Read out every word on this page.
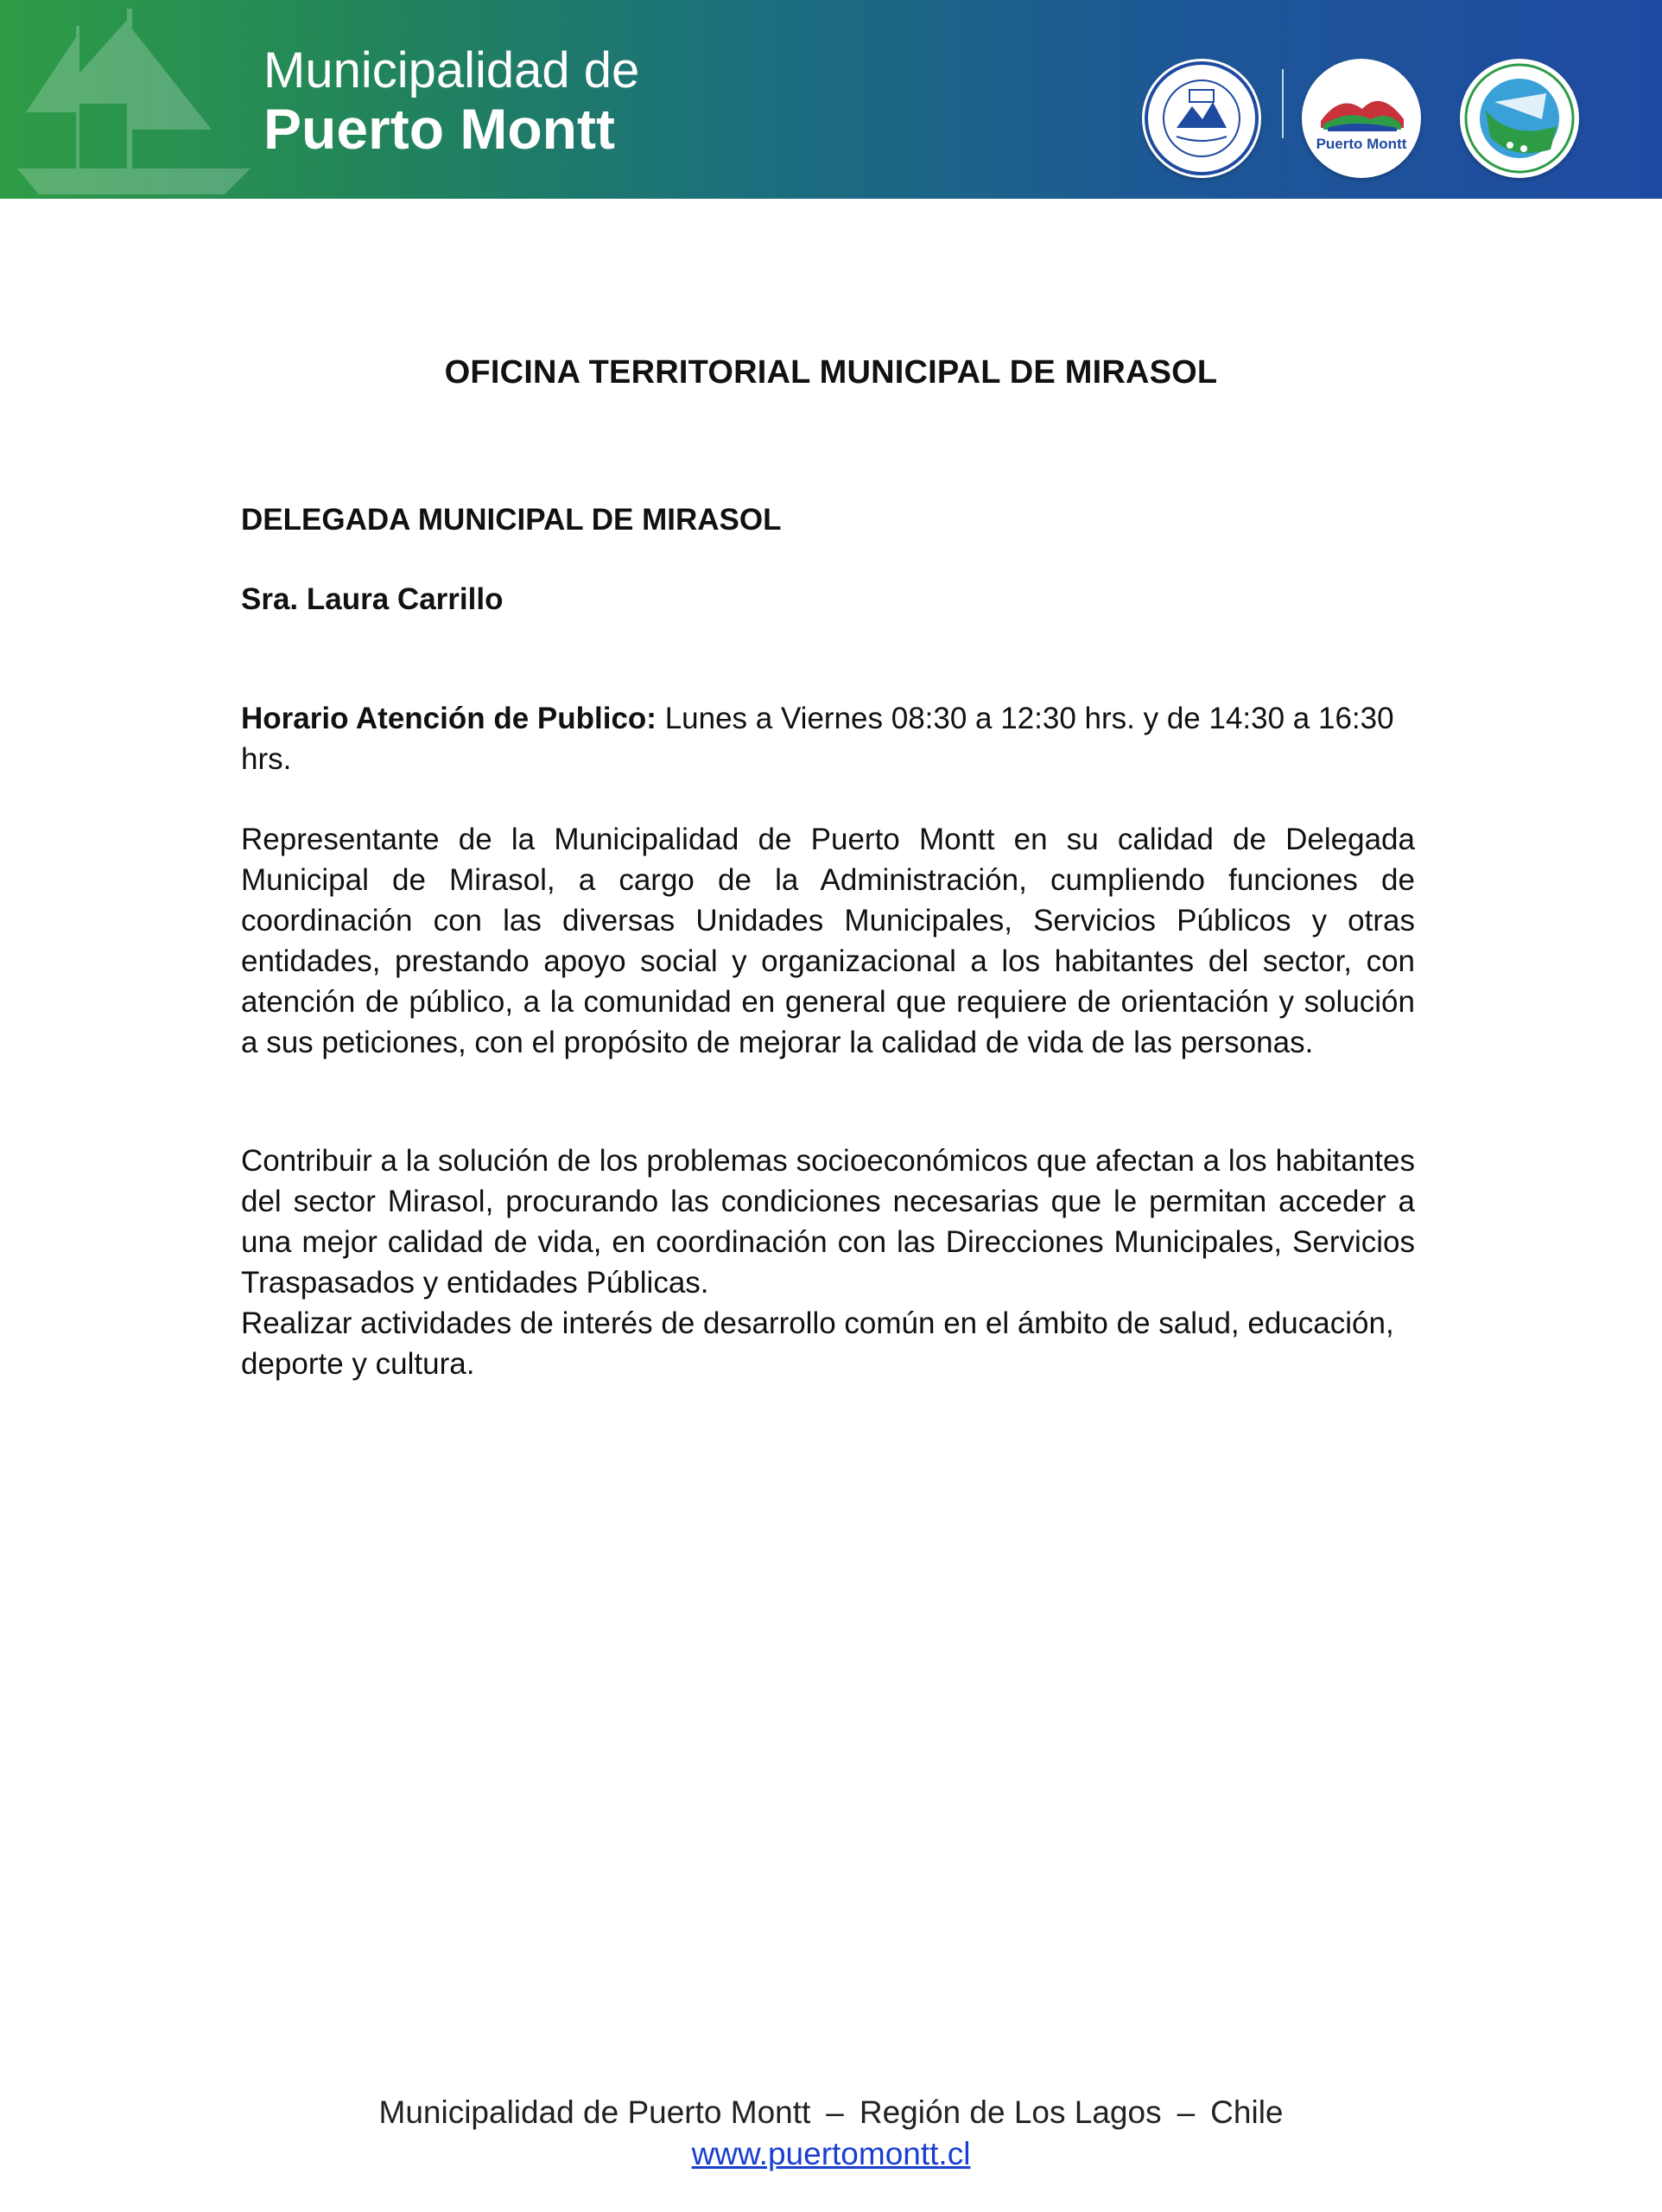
Municipalidad de
Puerto Montt	Puerto Montt
OFICINA TERRITORIAL MUNICIPAL DE MIRASOL
DELEGADA MUNICIPAL DE MIRASOL
Sra. Laura Carrillo
Horario Atención de Publico: Lunes a Viernes 08:30 a 12:30 hrs. y de 14:30 a 16:30 hrs.

Representante de la Municipalidad de Puerto Montt en su calidad de Delegada Municipal de Mirasol, a cargo de la Administración, cumpliendo funciones de coordinación con las diversas Unidades Municipales, Servicios Públicos y otras entidades, prestando apoyo social y organizacional a los habitantes del sector, con atención de público, a la comunidad en general que requiere de orientación y solución a sus peticiones, con el propósito de mejorar la calidad de vida de las personas.

Contribuir a la solución de los problemas socioeconómicos que afectan a los habitantes del sector Mirasol, procurando las condiciones necesarias que le permitan acceder a una mejor calidad de vida, en coordinación con las Direcciones Municipales, Servicios Traspasados y entidades Públicas.

Realizar actividades de interés de desarrollo común en el ámbito de salud, educación, deporte y cultura.

Municipalidad de Puerto Montt – Región de Los Lagos – Chile
www.puertomontt.cl
